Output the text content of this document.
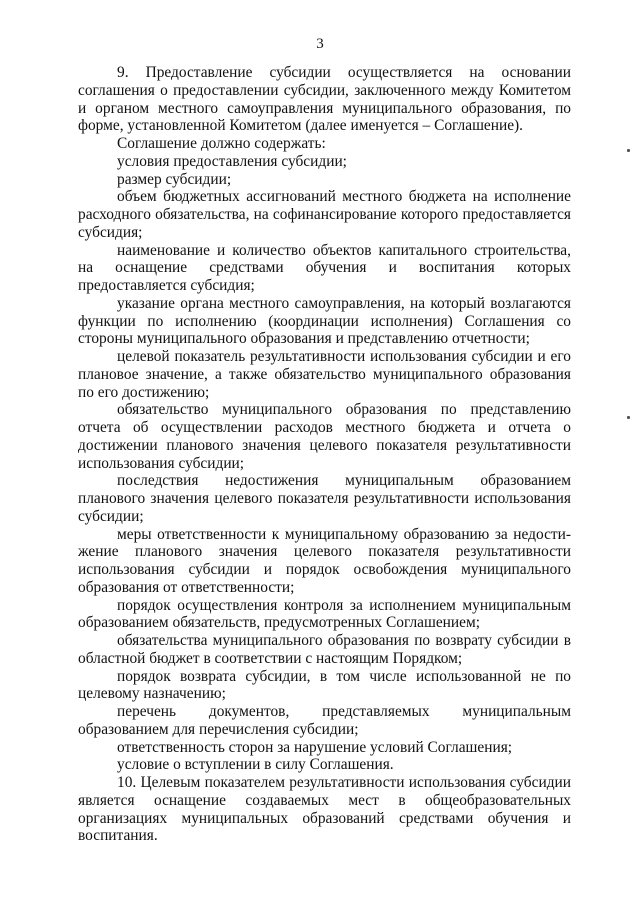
3

9. Предоставление субсидии осуществляется на основании соглашения о предоставлении субсидии, заключенного между Комитетом и органом местного самоуправления муниципального образования, по форме, установленной Комитетом (далее именуется – Соглашение).

Соглашение должно содержать:

условия предоставления субсидии;

размер субсидии;

объем бюджетных ассигнований местного бюджета на исполнение расходного обязательства, на софинансирование которого предоставляется субсидия;

наименование и количество объектов капитального строительства, на оснащение средствами обучения и воспитания которых предоставляется субсидия;

указание органа местного самоуправления, на который возлагаются функции по исполнению (координации исполнения) Соглашения со стороны муниципального образования и представлению отчетности;

целевой показатель результативности использования субсидии и его плановое значение, а также обязательство муниципального образования по его достижению;

обязательство муниципального образования по представлению отчета об осуществлении расходов местного бюджета и отчета о достижении планового значения целевого показателя результативности использования субсидии;

последствия недостижения муниципальным образованием планового значения целевого показателя результативности использования субсидии;

меры ответственности к муниципальному образованию за недостижение планового значения целевого показателя результативности использования субсидии и порядок освобождения муниципального образования от ответственности;

порядок осуществления контроля за исполнением муниципальным образованием обязательств, предусмотренных Соглашением;

обязательства муниципального образования по возврату субсидии в областной бюджет в соответствии с настоящим Порядком;

порядок возврата субсидии, в том числе использованной не по целевому назначению;

перечень документов, представляемых муниципальным образованием для перечисления субсидии;

ответственность сторон за нарушение условий Соглашения;

условие о вступлении в силу Соглашения.

10. Целевым показателем результативности использования субсидии является оснащение создаваемых мест в общеобразовательных организациях муниципальных образований средствами обучения и воспитания.
